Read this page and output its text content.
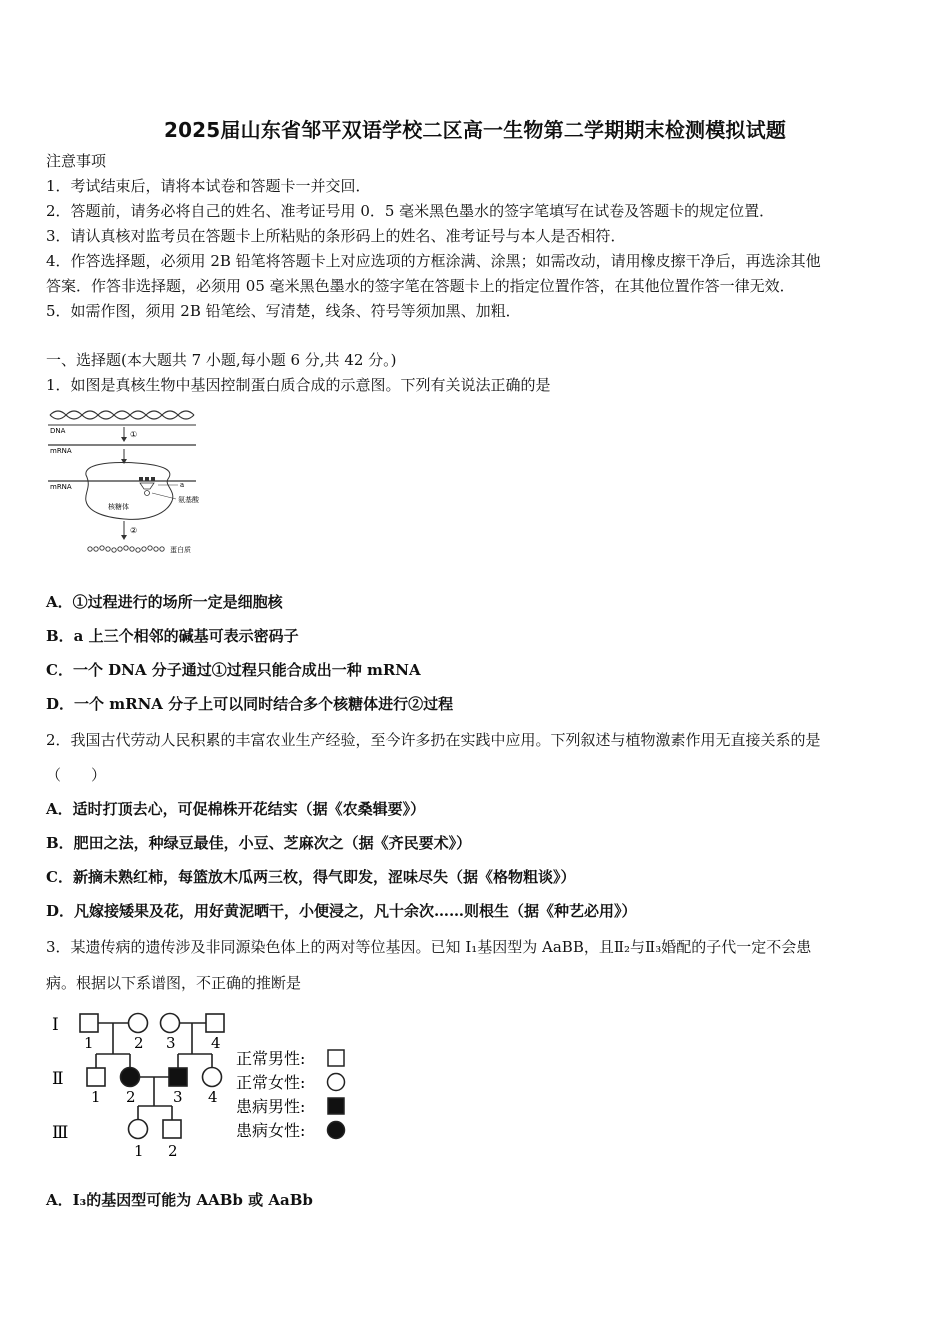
2025届山东省邹平双语学校二区高一生物第二学期期末检测模拟试题
注意事项
1．考试结束后，请将本试卷和答题卡一并交回．
2．答题前，请务必将自己的姓名、准考证号用 0．5 毫米黑色墨水的签字笔填写在试卷及答题卡的规定位置．
3．请认真核对监考员在答题卡上所粘贴的条形码上的姓名、准考证号与本人是否相符．
4．作答选择题，必须用 2B 铅笔将答题卡上对应选项的方框涂满、涂黑；如需改动，请用橡皮擦干净后，再选涂其他
答案．作答非选择题，必须用 05 毫米黑色墨水的签字笔在答题卡上的指定位置作答，在其他位置作答一律无效．
5．如需作图，须用 2B 铅笔绘、写清楚，线条、符号等须加黑、加粗．
一、选择题(本大题共 7 小题,每小题 6 分,共 42 分。)
1．如图是真核生物中基因控制蛋白质合成的示意图。下列有关说法正确的是
DNA	①
mRNA
mRNA	a
氨基酸
核糖体
②
蛋白质
A．①过程进行的场所一定是细胞核
B．a 上三个相邻的碱基可表示密码子
C．一个 DNA 分子通过①过程只能合成出一种 mRNA
D．一个 mRNA 分子上可以同时结合多个核糖体进行②过程
2．我国古代劳动人民积累的丰富农业生产经验，至今许多扔在实践中应用。下列叙述与植物激素作用无直接关系的是
（　　）
A．适时打顶去心，可促棉株开花结实（据《农桑辑要》）
B．肥田之法，种绿豆最佳，小豆、芝麻次之（据《齐民要术》）
C．新摘未熟红柿，每篮放木瓜两三枚，得气即发，涩味尽失（据《格物粗谈》）
D．凡嫁接矮果及花，用好黄泥晒干，小便浸之，凡十余次……则根生（据《种艺必用》）
3．某遗传病的遗传涉及非同源染色体上的两对等位基因。已知 I₁基因型为 AaBB，且Ⅱ₂与Ⅱ₃婚配的子代一定不会患
病。根据以下系谱图，不正确的推断是
Ⅰ
Ⅱ
Ⅲ
1	2 3 4
1 2 3 4
1 2
正常男性:
正常女性:
患病男性:
患病女性:
A．Ⅰ₃的基因型可能为 AABb 或 AaBb
